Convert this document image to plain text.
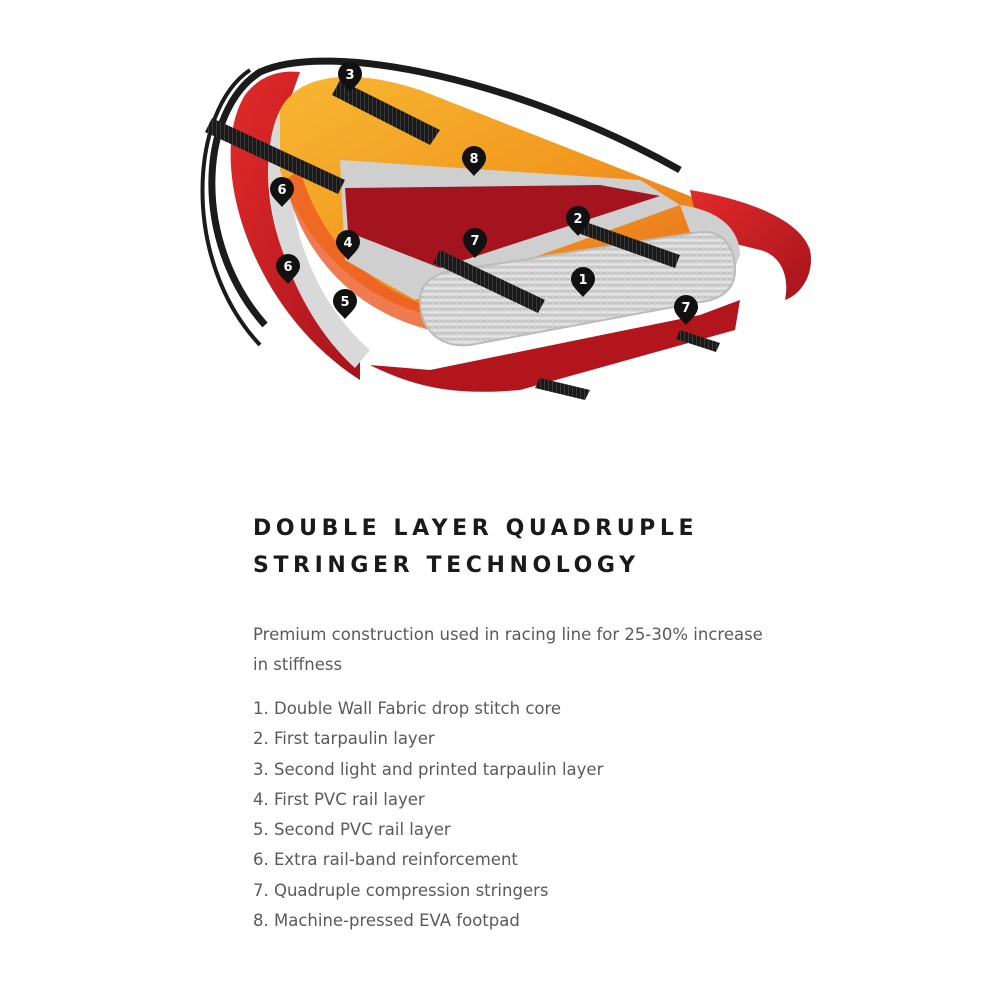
3
8
6
2
7
4
6
1
5	7
DOUBLE LAYER QUADRUPLE
STRINGER TECHNOLOGY

Premium construction used in racing line for 25-30% increase in stiffness

1. Double Wall Fabric drop stitch core
2. First tarpaulin layer
3. Second light and printed tarpaulin layer
4. First PVC rail layer
5. Second PVC rail layer
6. Extra rail-band reinforcement
7. Quadruple compression stringers
8. Machine-pressed EVA footpad
